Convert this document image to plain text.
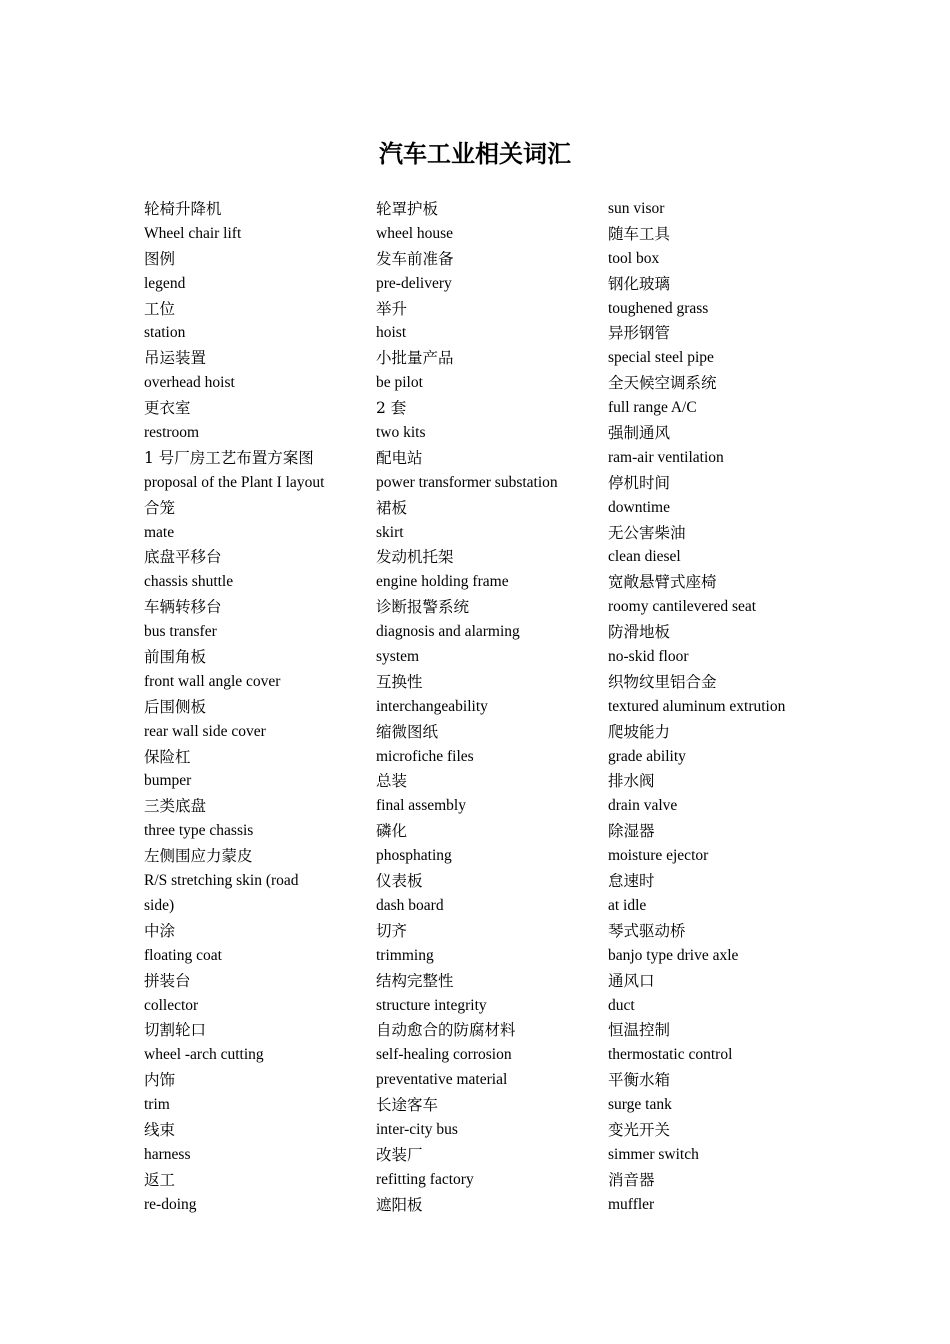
汽车工业相关词汇
轮椅升降机
Wheel chair lift
图例
legend
工位
station
吊运装置
overhead hoist
更衣室
restroom
1 号厂房工艺布置方案图
proposal of the Plant I layout
合笼
mate
底盘平移台
chassis shuttle
车辆转移台
bus transfer
前围角板
front wall angle cover
后围侧板
rear wall side cover
保险杠
bumper
三类底盘
three type chassis
左侧围应力蒙皮
R/S stretching skin (road
side)
中涂
floating coat
拼装台
collector
切割轮口
wheel -arch cutting
内饰
trim
线束
harness
返工
re-doing
轮罩护板
wheel house
发车前准备
pre-delivery
举升
hoist
小批量产品
be pilot
2 套
two kits
配电站
power transformer substation
裙板
skirt
发动机托架
engine holding frame
诊断报警系统
diagnosis and alarming
system
互换性
interchangeability
缩微图纸
microfiche files
总装
final assembly
磷化
phosphating
仪表板
dash board
切齐
trimming
结构完整性
structure integrity
自动愈合的防腐材料
self-healing corrosion
preventative material
长途客车
inter-city bus
改装厂
refitting factory
遮阳板
sun visor
随车工具
tool box
钢化玻璃
toughened grass
异形钢管
special steel pipe
全天候空调系统
full range A/C
强制通风
ram-air ventilation
停机时间
downtime
无公害柴油
clean diesel
宽敞悬臂式座椅
roomy cantilevered seat
防滑地板
no-skid floor
织物纹里铝合金
textured aluminum extrution
爬坡能力
grade ability
排水阀
drain valve
除湿器
moisture ejector
怠速时
at idle
琴式驱动桥
banjo type drive axle
通风口
duct
恒温控制
thermostatic control
平衡水箱
surge tank
变光开关
simmer switch
消音器
muffler
